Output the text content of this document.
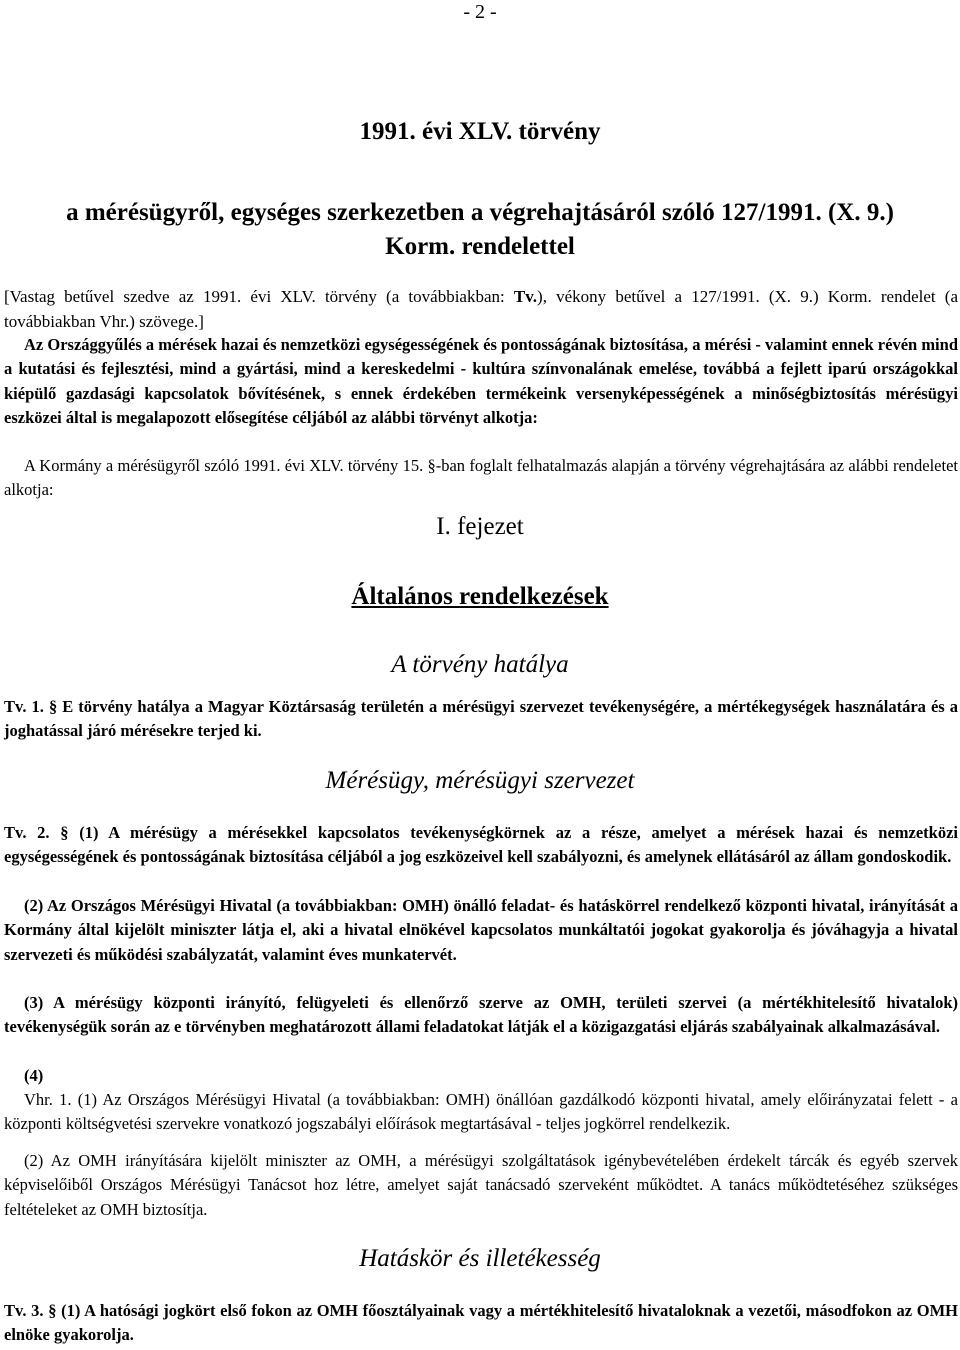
- 2 -
1991. évi XLV. törvény
a mérésügyről, egységes szerkezetben a végrehajtásáról szóló 127/1991. (X. 9.)
Korm. rendelettel
[Vastag betűvel szedve az 1991. évi XLV. törvény (a továbbiakban: Tv.), vékony betűvel a 127/1991. (X. 9.) Korm. rendelet (a továbbiakban Vhr.) szövege.]
Az Országgyűlés a mérések hazai és nemzetközi egységességének és pontosságának biztosítása, a mérési - valamint ennek révén mind a kutatási és fejlesztési, mind a gyártási, mind a kereskedelmi - kultúra színvonalának emelése, továbbá a fejlett iparú országokkal kiépülő gazdasági kapcsolatok bővítésének, s ennek érdekében termékeink versenyképességének a minőségbiztosítás mérésügyi eszközei által is megalapozott elősegítése céljából az alábbi törvényt alkotja:
A Kormány a mérésügyről szóló 1991. évi XLV. törvény 15. §-ban foglalt felhatalmazás alapján a törvény végrehajtására az alábbi rendeletet alkotja:
I. fejezet
Általános rendelkezések
A törvény hatálya
Tv. 1. § E törvény hatálya a Magyar Köztársaság területén a mérésügyi szervezet tevékenységére, a mértékegységek használatára és a joghatással járó mérésekre terjed ki.
Mérésügy, mérésügyi szervezet
Tv. 2. § (1) A mérésügy a mérésekkel kapcsolatos tevékenységkörnek az a része, amelyet a mérések hazai és nemzetközi egységességének és pontosságának biztosítása céljából a jog eszközeivel kell szabályozni, és amelynek ellátásáról az állam gondoskodik.
(2) Az Országos Mérésügyi Hivatal (a továbbiakban: OMH) önálló feladat- és hatáskörrel rendelkező központi hivatal, irányítását a Kormány által kijelölt miniszter látja el, aki a hivatal elnökével kapcsolatos munkáltatói jogokat gyakorolja és jóváhagyja a hivatal szervezeti és működési szabályzatát, valamint éves munkatervét.
(3) A mérésügy központi irányító, felügyeleti és ellenőrző szerve az OMH, területi szervei (a mértékhitelesítő hivatalok) tevékenységük során az e törvényben meghatározott állami feladatokat látják el a közigazgatási eljárás szabályainak alkalmazásával.
(4)
Vhr. 1. (1) Az Országos Mérésügyi Hivatal (a továbbiakban: OMH) önállóan gazdálkodó központi hivatal, amely előirányzatai felett - a központi költségvetési szervekre vonatkozó jogszabályi előírások megtartásával - teljes jogkörrel rendelkezik.
(2) Az OMH irányítására kijelölt miniszter az OMH, a mérésügyi szolgáltatások igénybevételében érdekelt tárcák és egyéb szervek képviselőiből Országos Mérésügyi Tanácsot hoz létre, amelyet saját tanácsadó szerveként működtet. A tanács működtetéséhez szükséges feltételeket az OMH biztosítja.
Hatáskör és illetékesség
Tv. 3. § (1) A hatósági jogkört első fokon az OMH főosztályainak vagy a mértékhitelesítő hivataloknak a vezetői, másodfokon az OMH elnöke gyakorolja.
